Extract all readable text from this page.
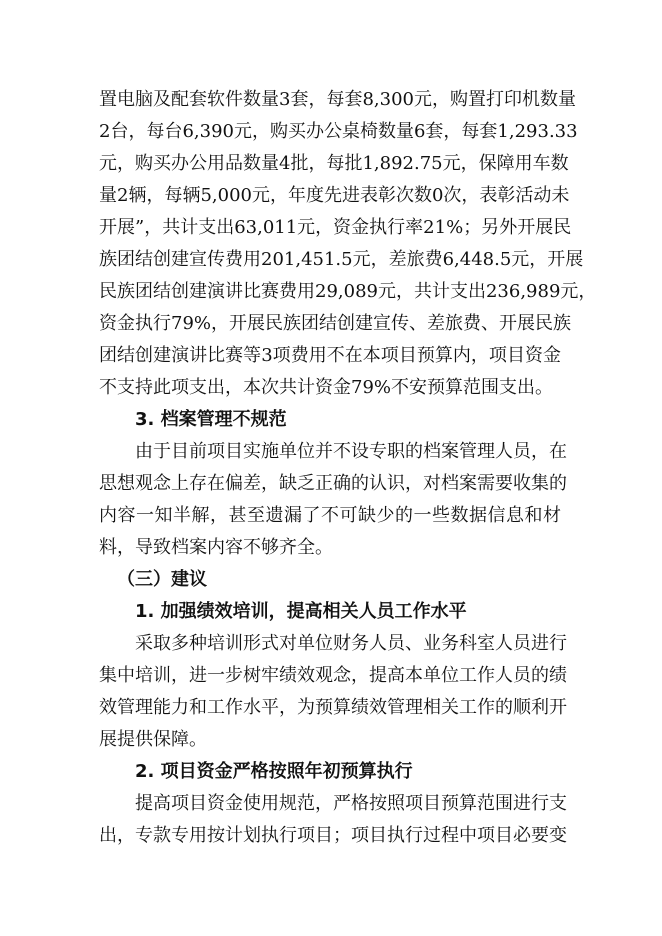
置电脑及配套软件数量3套，每套8,300元，购置打印机数量
2台，每台6,390元，购买办公桌椅数量6套，每套1,293.33
元，购买办公用品数量4批，每批1,892.75元，保障用车数
量2辆，每辆5,000元，年度先进表彰次数0次，表彰活动未
开展”，共计支出63,011元，资金执行率21%；另外开展民
族团结创建宣传费用201,451.5元，差旅费6,448.5元，开展
民族团结创建演讲比赛费用29,089元，共计支出236,989元，
资金执行79%，开展民族团结创建宣传、差旅费、开展民族
团结创建演讲比赛等3项费用不在本项目预算内，项目资金
不支持此项支出，本次共计资金79%不安预算范围支出。
3. 档案管理不规范
由于目前项目实施单位并不设专职的档案管理人员，在
思想观念上存在偏差，缺乏正确的认识，对档案需要收集的
内容一知半解，甚至遗漏了不可缺少的一些数据信息和材
料，导致档案内容不够齐全。
（三）建议
1. 加强绩效培训，提高相关人员工作水平
采取多种培训形式对单位财务人员、业务科室人员进行
集中培训，进一步树牢绩效观念，提高本单位工作人员的绩
效管理能力和工作水平，为预算绩效管理相关工作的顺利开
展提供保障。
2. 项目资金严格按照年初预算执行
提高项目资金使用规范，严格按照项目预算范围进行支
出，专款专用按计划执行项目；项目执行过程中项目必要变
